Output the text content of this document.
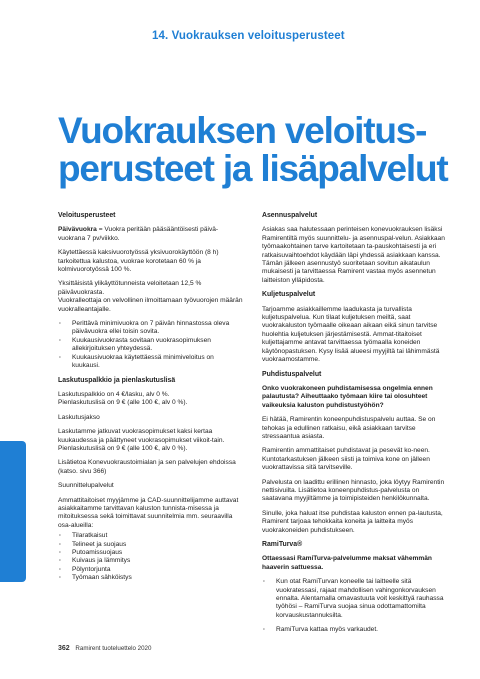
14. Vuokrauksen veloitusperusteet
Vuokrauksen veloitus-
perusteet ja lisäpalvelut

Veloitusperusteet

Päivävuokra = Vuokra peritään pääsääntöisesti päivä-vuokrana 7 pv/viikko.

Käytettäessä kaksivuorotyössä yksivuorokäyttöön (8 h) tarkoitettua kalustoa, vuokrae korotetaan 60 % ja kolmivuorotyössä 100 %.

Yksittäisistä ylikäyttötunneista veloitetaan 12,5 % päivävuokrasta.

Vuokralleottaja on velvollinen ilmoittamaan työvuorojen määrän vuokralleantajalle.

· Perittävä minimivuokra on 7 päivän hinnastossa oleva päivävuokra ellei toisin sovita.
· Kuukausivuokrasta sovitaan vuokrasopimuksen allekirjoituksen yhteydessä.
· Kuukausivuokraa käytettäessä minimiveloitus on kuukausi.

Laskutuspalkkio ja pienlaskutuslisä

Laskutuspalkkio on 4 €/lasku, alv 0 %.

Pienlaskutuslisä on 9 € (alle 100 €, alv 0 %).

Laskutusjakso

Laskutamme jatkuvat vuokrasopimukset kaksi kertaa kuukaudessa ja päättyneet vuokrasopimukset viikoit-tain.

Pienlaskutuslisä on 9 € (alle 100 €, alv 0 %).

Lisätietoa Konevuokraustoimialan ja sen palvelujen ehdoissa (katso. sivu 366)

Suunnittelupalvelut

Ammattitaitoiset myyjämme ja CAD-suunnittelijamme auttavat asiakkaitamme tarvittavan kaluston tunnista-misessa ja mitoituksessa sekä toimittavat suunnitelmia mm. seuraavilla osa-alueilla:

· Tilaratkaisut
· Telineet ja suojaus
· Putoamissuojaus
· Kuivaus ja lämmitys
· Pölyntorjunta
· Työmaan sähköistys

Asennuspalvelut

Asiakas saa halutessaan perinteisen konevuokrauksen lisäksi Ramirentiltä myös suunnittelu- ja asennuspal-velun. Asiakkaan työmaakohtainen tarve kartoitetaan ta-pauskohtaisesti ja eri ratkaisuvaihtoehdot käydään läpi yhdessä asiakkaan kanssa. Tämän jälkeen asennustyö suoritetaan sovitun aikataulun mukaisesti ja tarvittaessa Ramirent vastaa myös asennetun laitteiston ylläpidosta.

Kuljetuspalvelut

Tarjoamme asiakkaillemme laadukasta ja turvallista kuljetuspalvelua. Kun tilaat kuljetuksen meiltä, saat vuokrakaluston työmaalle oikeaan aikaan eikä sinun tarvitse huolehtia kuljetuksen järjestämisestä. Ammat-titaitoiset kuljettajamme antavat tarvittaessa työmaalla koneiden käytönopastuksen. Kysy lisää alueesi myyjiltä tai lähimmästä vuokraamostamme.

Puhdistuspalvelut

Onko vuokrakoneen puhdistamisessa ongelmia ennen palautusta? Aiheuttaako työmaan kiire tai olosuhteet vaikeuksia kaluston puhdistustyöhön?

Ei hätää, Ramirentin koneenpuhdistuspalvelu auttaa. Se on tehokas ja edullinen ratkaisu, eikä asiakkaan tarvitse stressaantua asiasta.

Ramirentin ammattitaiset puhdistavat ja pesevät ko-neen. Kuntotarkastuksen jälkeen siisti ja toimiva kone on jälleen vuokrattavissa sitä tarvitseville.

Palvelusta on laadittu erillinen hinnasto, joka löytyy Ramirentin nettisivuilta. Lisätietoa koneenpuhdistus-palvelusta on saatavana myyjiltämme ja toimipisteiden henkilökunnalta.

Sinulle, joka haluat itse puhdistaa kaluston ennen pa-lautusta, Ramirent tarjoaa tehokkaita koneita ja laitteita myös vuokrakoneiden puhdistukseen.

RamiTurva®

Ottaessasi RamiTurva-palvelumme maksat vähemmän haaverin sattuessa.

· Kun otat RamiTurvan koneelle tai laitteelle sitä vuokratessasi, rajaat mahdollisen vahingonkorvauksen ennalta. Alentamalla omavastuuta voit keskittyä rauhassa työhösi – RamiTurva suojaa sinua odottamattomilta korvauskustannuksilta.
· RamiTurva kattaa myös varkaudet.
362 Ramirent tuoteluettelo 2020
